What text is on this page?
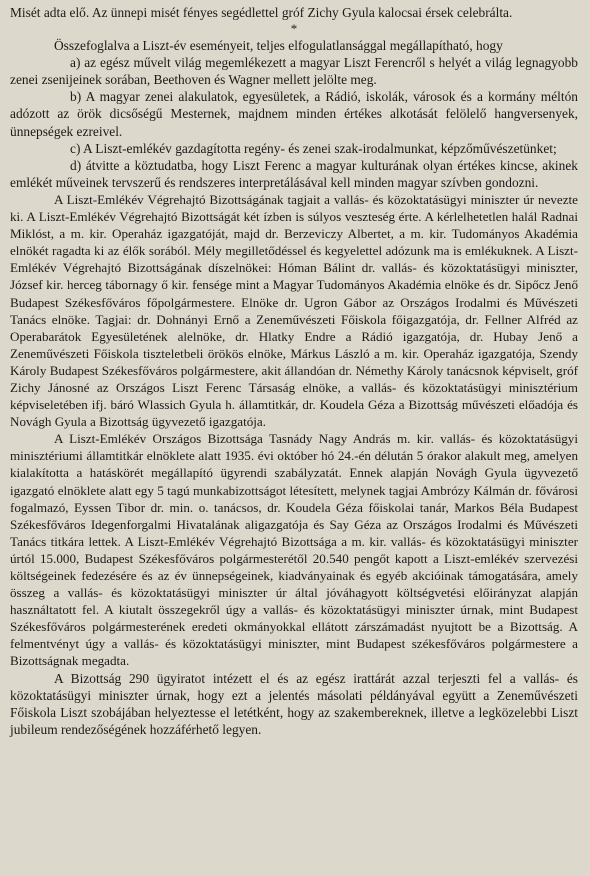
Misét adta elő. Az ünnepi misét fényes segédlettel gróf Zichy Gyula kalocsai érsek celebrálta.

*

Összefoglalva a Liszt-év eseményeit, teljes elfogulatlansággal megállapítható, hogy

a) az egész művelt világ megemlékezett a magyar Liszt Ferencről s helyét a világ legnagyobb zenei zsenijeinek sorában, Beethoven és Wagner mellett jelölte meg.

b) A magyar zenei alakulatok, egyesületek, a Rádió, iskolák, városok és a kormány méltón adózott az örök dicsőségű Mesternek, majdnem minden értékes alkotását felölelő hangversenyek, ünnepségek ezreivel.

c) A Liszt-emlékév gazdagította regény- és zenei szak-irodalmunkat, képzőművészetünket;

d) átvitte a köztudatba, hogy Liszt Ferenc a magyar kulturának olyan értékes kincse, akinek emlékét műveinek tervszerű és rendszeres interpretálásával kell minden magyar szívben gondozni.

A Liszt-Emlékév Végrehajtó Bizottságának tagjait a vallás- és közoktatásügyi miniszter úr nevezte ki. A Liszt-Emlékév Végrehajtó Bizottságát két ízben is súlyos veszteség érte. A kérlelhetetlen halál Radnai Miklóst, a m. kir. Operaház igazgatóját, majd dr. Berzeviczy Albertet, a m. kir. Tudományos Akadémia elnökét ragadta ki az élők sorából. Mély megilletődéssel és kegyelettel adózunk ma is emlékuknek. A Liszt-Emlékév Végrehajtó Bizottságának díszelnökei: Hóman Bálint dr. vallás- és közoktatásügyi miniszter, József kir. herceg tábornagy ő kir. fensége mint a Magyar Tudományos Akadémia elnöke és dr. Sipőcz Jenő Budapest Székesfőváros főpolgármestere. Elnöke dr. Ugron Gábor az Országos Irodalmi és Művészeti Tanács elnöke. Tagjai: dr. Dohnányi Ernő a Zeneművészeti Főiskola főigazgatója, dr. Fellner Alfréd az Operabarátok Egyesületének alelnöke, dr. Hlatky Endre a Rádió igazgatója, dr. Hubay Jenő a Zeneművészeti Főiskola tiszteletbeli örökös elnöke, Márkus László a m. kir. Operaház igazgatója, Szendy Károly Budapest Székesfőváros polgármestere, akit állandóan dr. Némethy Károly tanácsnok képviselt, gróf Zichy Jánosné az Országos Liszt Ferenc Társaság elnöke, a vallás- és közoktatásügyi minisztérium képviseletében ifj. báró Wlassich Gyula h. államtitkár, dr. Koudela Géza a Bizottság művészeti előadója és Novágh Gyula a Bizottság ügyvezető igazgatója.

A Liszt-Emlékév Országos Bizottsága Tasnády Nagy András m. kir. vallás- és közoktatásügyi minisztériumi államtitkár elnöklete alatt 1935. évi október hó 24.-én délután 5 órakor alakult meg, amelyen kialakította a hatáskörét megállapító ügyrendi szabályzatát. Ennek alapján Novágh Gyula ügyvezető igazgató elnöklete alatt egy 5 tagú munkabizottságot létesített, melynek tagjai Ambrózy Kálmán dr. fővárosi fogalmazó, Eyssen Tibor dr. min. o. tanácsos, dr. Koudela Géza főiskolai tanár, Markos Béla Budapest Székesfőváros Idegenforgalmi Hivatalának aligazgatója és Say Géza az Országos Irodalmi és Művészeti Tanács titkára lettek. A Liszt-Emlékév Végrehajtó Bizottsága a m. kir. vallás- és közoktatásügyi miniszter úrtól 15.000, Budapest Székesfőváros polgármesterétől 20.540 pengőt kapott a Liszt-emlékév szervezési költségeinek fedezésére és az év ünnepségeinek, kiadványainak és egyéb akcióinak támogatására, amely összeg a vallás- és közoktatásügyi miniszter úr által jóváhagyott költségvetési előirányzat alapján használtatott fel. A kiutalt összegekről úgy a vallás- és közoktatásügyi miniszter úrnak, mint Budapest Székesfőváros polgármesterének eredeti okmányokkal ellátott zárszámadást nyujtott be a Bizottság. A felmentvényt úgy a vallás- és közoktatásügyi miniszter, mint Budapest székesfőváros polgármestere a Bizottságnak megadta.

A Bizottság 290 ügyiratot intézett el és az egész irattárát azzal terjeszti fel a vallás- és közoktatásügyi miniszter úrnak, hogy ezt a jelentés másolati példányával együtt a Zeneművészeti Főiskola Liszt szobájában helyeztesse el letétként, hogy az szakembereknek, illetve a legközelebbi Liszt jubileum rendezőségének hozzáférhető legyen.
